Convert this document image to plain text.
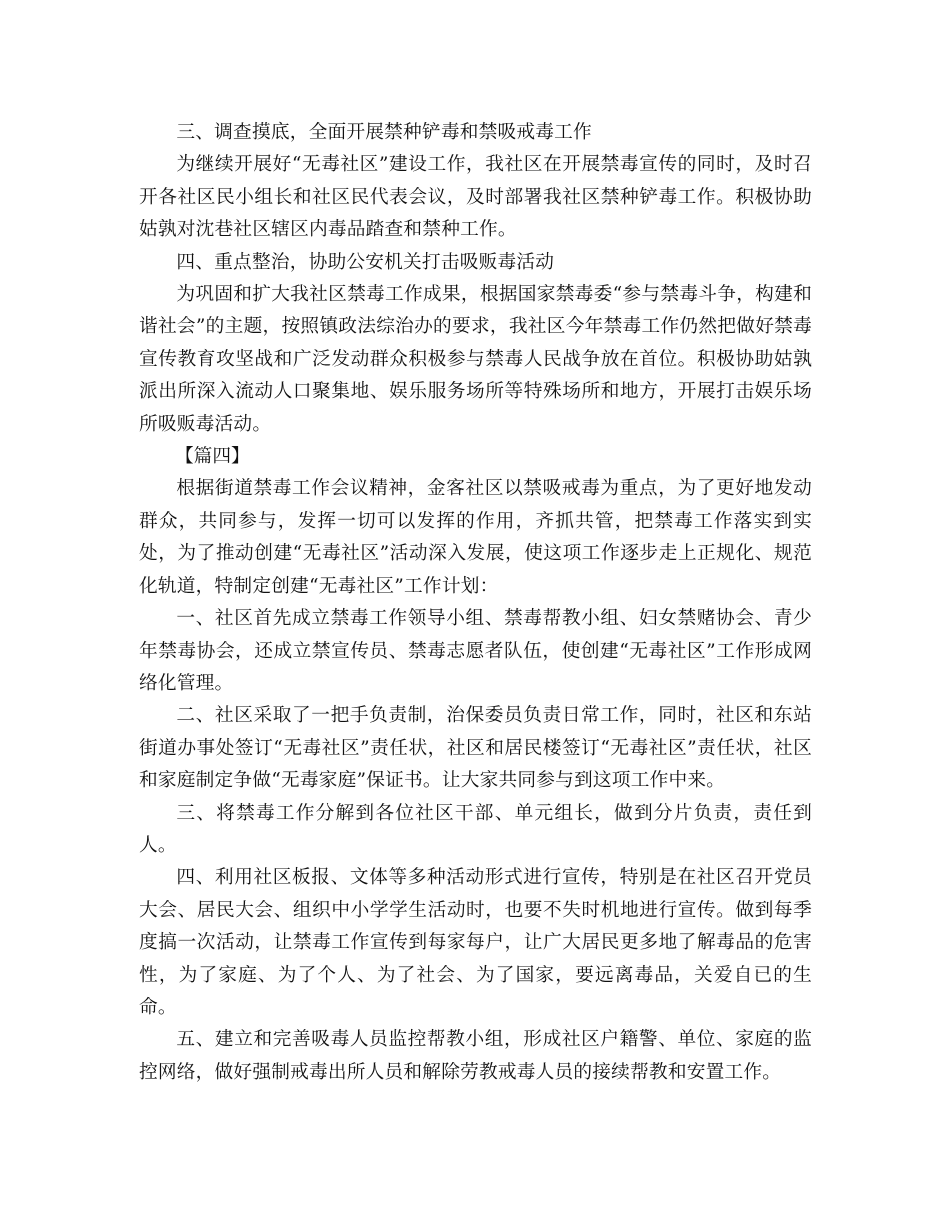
三、调查摸底，全面开展禁种铲毒和禁吸戒毒工作

为继续开展好“无毒社区”建设工作，我社区在开展禁毒宣传的同时，及时召开各社区民小组长和社区民代表会议，及时部署我社区禁种铲毒工作。积极协助姑孰对沈巷社区辖区内毒品踏查和禁种工作。

四、重点整治，协助公安机关打击吸贩毒活动

为巩固和扩大我社区禁毒工作成果，根据国家禁毒委“参与禁毒斗争，构建和谐社会”的主题，按照镇政法综治办的要求，我社区今年禁毒工作仍然把做好禁毒宣传教育攻坚战和广泛发动群众积极参与禁毒人民战争放在首位。积极协助姑孰派出所深入流动人口聚集地、娱乐服务场所等特殊场所和地方，开展打击娱乐场所吸贩毒活动。

【篇四】

根据街道禁毒工作会议精神，金客社区以禁吸戒毒为重点，为了更好地发动群众，共同参与，发挥一切可以发挥的作用，齐抓共管，把禁毒工作落实到实处，为了推动创建“无毒社区”活动深入发展，使这项工作逐步走上正规化、规范化轨道，特制定创建“无毒社区”工作计划：

一、社区首先成立禁毒工作领导小组、禁毒帮教小组、妇女禁赌协会、青少年禁毒协会，还成立禁宣传员、禁毒志愿者队伍，使创建“无毒社区”工作形成网络化管理。

二、社区采取了一把手负责制，治保委员负责日常工作，同时，社区和东站街道办事处签订“无毒社区”责任状，社区和居民楼签订“无毒社区”责任状，社区和家庭制定争做“无毒家庭”保证书。让大家共同参与到这项工作中来。

三、将禁毒工作分解到各位社区干部、单元组长，做到分片负责，责任到人。

四、利用社区板报、文体等多种活动形式进行宣传，特别是在社区召开党员大会、居民大会、组织中小学学生活动时，也要不失时机地进行宣传。做到每季度搞一次活动，让禁毒工作宣传到每家每户，让广大居民更多地了解毒品的危害性，为了家庭、为了个人、为了社会、为了国家，要远离毒品，关爱自已的生命。

五、建立和完善吸毒人员监控帮教小组，形成社区户籍警、单位、家庭的监控网络，做好强制戒毒出所人员和解除劳教戒毒人员的接续帮教和安置工作。
